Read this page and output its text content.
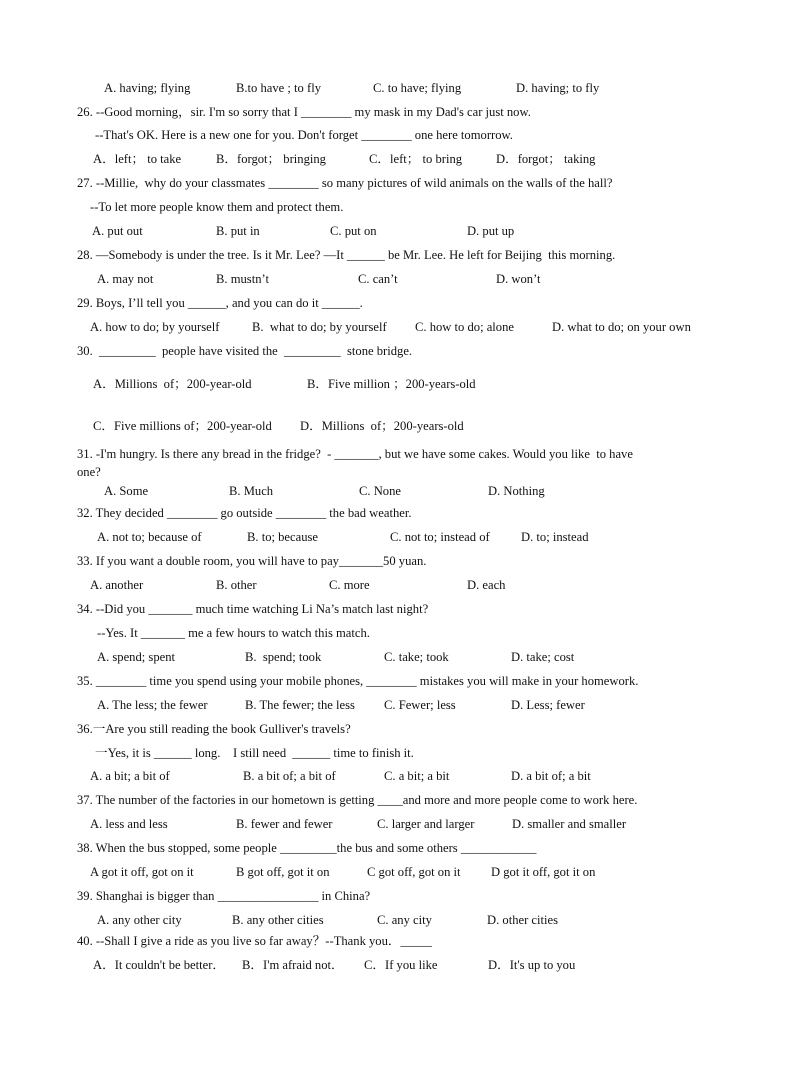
A. having; flying	B.to have ; to fly	C. to have; flying	D. having; to fly
26. --Good morning，sir. I'm so sorry that I ________ my mask in my Dad's car just now.
--That's OK. Here is a new one for you. Don't forget ________ one here tomorrow.
A．left； to take	B．forgot； bringing	C．left； to bring	D．forgot； taking
27. --Millie,  why do your classmates ________ so many pictures of wild animals on the walls of the hall?
--To let more people know them and protect them.
A. put out	B. put in	C. put on	D. put up
28. —Somebody is under the tree. Is it Mr. Lee? —It ______ be Mr. Lee. He left for Beijing  this morning.
A. may not	B. mustn’t	C. can’t	D. won’t
29. Boys, I’ll tell you ______, and you can do it ______.
A. how to do; by yourself	B.  what to do; by yourself C. how to do; alone	D. what to do; on your own
30.  _________  people have visited the  _________  stone bridge.
A．Millions  of；200-year-old	B．Five million ；200-years-old
C．Five millions of；200-year-old D．Millions  of；200-years-old
31. -I'm hungry. Is there any bread in the fridge?  - _______, but we have some cakes. Would you like  to have
one?
A. Some	B. Much	C. None	D. Nothing
32. They decided ________ go outside ________ the bad weather.
A. not to; because of	B. to; because	C. not to; instead of D. to; instead
33. If you want a double room, you will have to pay_______50 yuan.
A. another	B. other	C. more	D. each
34. --Did you _______ much time watching Li Na’s match last night?
--Yes. It _______ me a few hours to watch this match.
A. spend; spent	B.  spend; took	C. take; took	D. take; cost
35. ________ time you spend using your mobile phones, ________ mistakes you will make in your homework.
A. The less; the fewer	B. The fewer; the less C. Fewer; less	D. Less; fewer
36.一Are you still reading the book Gulliver's travels?
一Yes, it is ______ long.    I still need  ______ time to finish it.
A. a bit; a bit of	B. a bit of; a bit of	C. a bit; a bit	D. a bit of; a bit
37. The number of the factories in our hometown is getting ____and more and more people come to work here.
A. less and less	B. fewer and fewer	C. larger and larger	D. smaller and smaller
38. When the bus stopped, some people _________the bus and some others ____________
A got it off, got on it	B got off, got it on	C got off, got on it D got it off, got it on
39. Shanghai is bigger than ________________ in China?
A. any other city	B. any other cities	C. any city	D. other cities
40. --Shall I give a ride as you live so far away？--Thank you．_____
A．It couldn't be better． B．I'm afraid not． C．If you like	D．It's up to you
